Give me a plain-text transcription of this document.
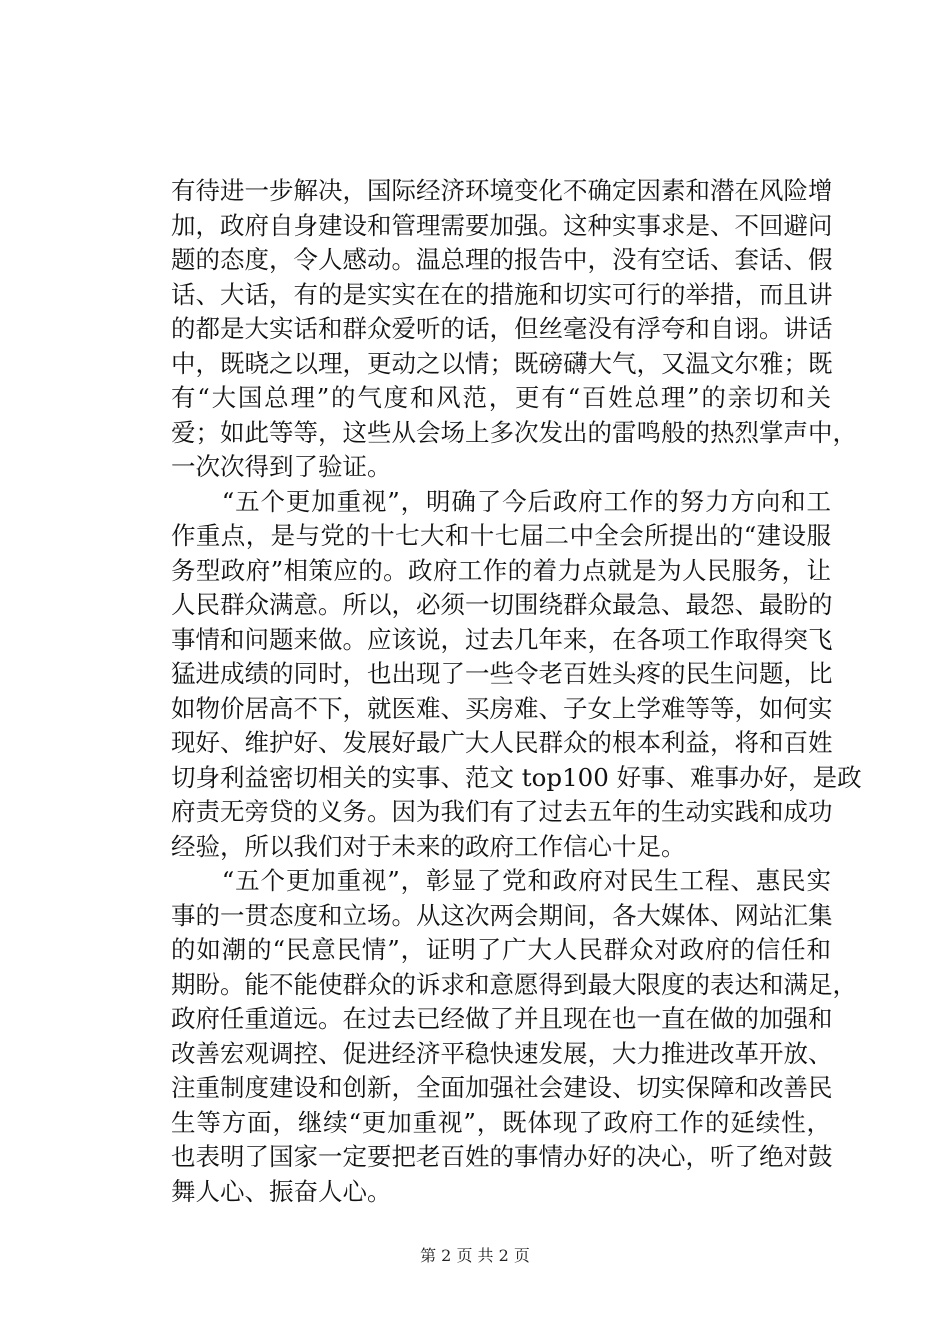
有待进一步解决，国际经济环境变化不确定因素和潜在风险增
加，政府自身建设和管理需要加强。这种实事求是、不回避问
题的态度，令人感动。温总理的报告中，没有空话、套话、假
话、大话，有的是实实在在的措施和切实可行的举措，而且讲
的都是大实话和群众爱听的话，但丝毫没有浮夸和自诩。讲话
中，既晓之以理，更动之以情；既磅礴大气，又温文尔雅；既
有“大国总理”的气度和风范，更有“百姓总理”的亲切和关
爱；如此等等，这些从会场上多次发出的雷鸣般的热烈掌声中，
一次次得到了验证。
　　“五个更加重视”，明确了今后政府工作的努力方向和工
作重点，是与党的十七大和十七届二中全会所提出的“建设服
务型政府”相策应的。政府工作的着力点就是为人民服务，让
人民群众满意。所以，必须一切围绕群众最急、最怨、最盼的
事情和问题来做。应该说，过去几年来，在各项工作取得突飞
猛进成绩的同时，也出现了一些令老百姓头疼的民生问题，比
如物价居高不下，就医难、买房难、子女上学难等等，如何实
现好、维护好、发展好最广大人民群众的根本利益，将和百姓
切身利益密切相关的实事、范文 top100 好事、难事办好，是政
府责无旁贷的义务。因为我们有了过去五年的生动实践和成功
经验，所以我们对于未来的政府工作信心十足。
　　“五个更加重视”，彰显了党和政府对民生工程、惠民实
事的一贯态度和立场。从这次两会期间，各大媒体、网站汇集
的如潮的“民意民情”，证明了广大人民群众对政府的信任和
期盼。能不能使群众的诉求和意愿得到最大限度的表达和满足，
政府任重道远。在过去已经做了并且现在也一直在做的加强和
改善宏观调控、促进经济平稳快速发展，大力推进改革开放、
注重制度建设和创新，全面加强社会建设、切实保障和改善民
生等方面，继续“更加重视”，既体现了政府工作的延续性，
也表明了国家一定要把老百姓的事情办好的决心，听了绝对鼓
舞人心、振奋人心。
第 2 页 共 2 页
